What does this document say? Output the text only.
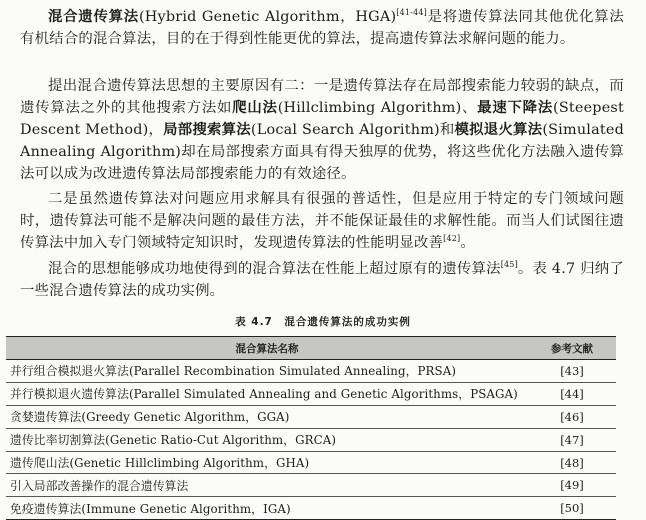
混合遗传算法(Hybrid Genetic Algorithm，HGA)[41-44]是将遗传算法同其他优化算法有机结合的混合算法，目的在于得到性能更优的算法，提高遗传算法求解问题的能力。

提出混合遗传算法思想的主要原因有二：一是遗传算法存在局部搜索能力较弱的缺点，而遗传算法之外的其他搜索方法如爬山法(Hillclimbing Algorithm)、最速下降法(Steepest Descent Method)，局部搜索算法(Local Search Algorithm)和模拟退火算法(Simulated Annealing Algorithm)却在局部搜索方面具有得天独厚的优势，将这些优化方法融入遗传算法可以成为改进遗传算法局部搜索能力的有效途径。

二是虽然遗传算法对问题应用求解具有很强的普适性，但是应用于特定的专门领域问题时，遗传算法可能不是解决问题的最佳方法，并不能保证最佳的求解性能。而当人们试图往遗传算法中加入专门领域特定知识时，发现遗传算法的性能明显改善[42]。

混合的思想能够成功地使得到的混合算法在性能上超过原有的遗传算法[45]。表 4.7 归纳了一些混合遗传算法的成功实例。

表 4.7　混合遗传算法的成功实例
混合算法名称	参考文献
并行组合模拟退火算法(Parallel Recombination Simulated Annealing，PRSA)	[43]
并行模拟退火遗传算法(Parallel Simulated Annealing and Genetic Algorithms，PSAGA)	[44]
贪婪遗传算法(Greedy Genetic Algorithm，GGA)	[46]
遗传比率切割算法(Genetic Ratio-Cut Algorithm，GRCA)	[47]
遗传爬山法(Genetic Hillclimbing Algorithm，GHA)	[48]
引入局部改善操作的混合遗传算法	[49]
免疫遗传算法(Immune Genetic Algorithm，IGA)	[50]
